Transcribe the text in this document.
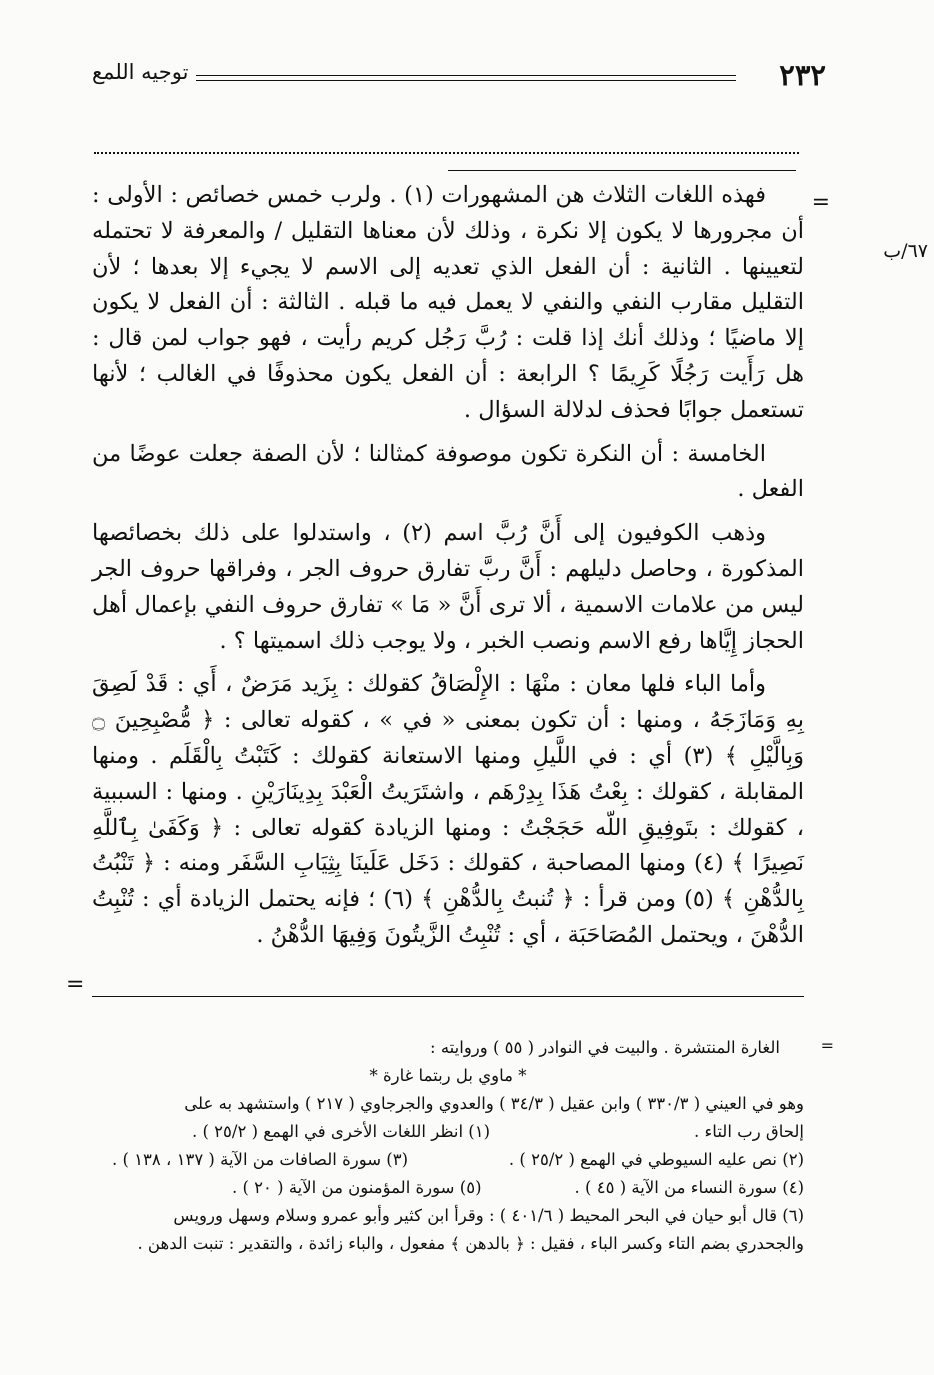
٢٣٢
توجيه اللمع
=
٦٧/ب
=

فهذه اللغات الثلاث هن المشهورات (١) . ولرب خمس خصائص : الأولى : أن مجرورها لا يكون إلا نكرة ، وذلك لأن معناها التقليل / والمعرفة لا تحتمله لتعيينها . الثانية : أن الفعل الذي تعديه إلى الاسم لا يجيء إلا بعدها ؛ لأن التقليل مقارب النفي والنفي لا يعمل فيه ما قبله . الثالثة : أن الفعل لا يكون إلا ماضيًا ؛ وذلك أنك إذا قلت : رُبَّ رَجُل كريم رأيت ، فهو جواب لمن قال : هل رَأَيت رَجُلًا كَرِيمًا ؟ الرابعة : أن الفعل يكون محذوفًا في الغالب ؛ لأنها تستعمل جوابًا فحذف لدلالة السؤال .

الخامسة : أن النكرة تكون موصوفة كمثالنا ؛ لأن الصفة جعلت عوضًا من الفعل .

وذهب الكوفيون إلى أَنَّ رُبَّ اسم (٢) ، واستدلوا على ذلك بخصائصها المذكورة ، وحاصل دليلهم : أَنَّ ربَّ تفارق حروف الجر ، وفراقها حروف الجر ليس من علامات الاسمية ، ألا ترى أَنَّ « مَا » تفارق حروف النفي بإعمال أهل الحجاز إِيَّاها رفع الاسم ونصب الخبر ، ولا يوجب ذلك اسميتها ؟ .

وأما الباء فلها معان : منْهَا : الإِلْصَاقُ كقولك : بِزَيد مَرَضٌ ، أَي : قَدْ لَصِقَ بِهِ وَمَازَجَهُ ، ومنها : أن تكون بمعنى « في » ، كقوله تعالى : ﴿ مُّصْبِحِينَ ۝ وَبِالَّيْلِ ﴾ (٣) أي : في اللَّيلِ ومنها الاستعانة كقولك : كَتَبْتُ بِالْقَلَم . ومنها المقابلة ، كقولك : بِعْتُ هَذَا بِدِرْهَم ، واشتَرَيتُ الْعَبْدَ بِدِينَارَيْنِ . ومنها : السببية ، كقولك : بتَوفِيقِ اللّه حَجَجْتُ : ومنها الزيادة كقوله تعالى : ﴿ وَكَفَىٰ بِٱللَّهِ نَصِيرًا ﴾ (٤) ومنها المصاحبة ، كقولك : دَخَل عَلَينَا بِثِيَابِ السَّفَر ومنه : ﴿ تَنْبُتُ بِالدُّهْنِ ﴾ (٥) ومن قرأ : ﴿ تُنبتُ بِالدُّهْنِ ﴾ (٦) ؛ فإنه يحتمل الزيادة أي : تُنْبِتُ الدُّهْنَ ، ويحتمل المُصَاحَبَة ، أي : تُنْبِتُ الزَّيتُونَ وَفِيهَا الدُّهْنُ .

=
الغارة المنتشرة . والبيت في النوادر ( ٥٥ ) وروايته :
* ماوي بل ربتما غارة *
وهو في العيني ( ٣٣٠/٣ ) وابن عقيل ( ٣٤/٣ ) والعدوي والجرجاوي ( ٢١٧ ) واستشهد به على
إلحاق رب التاء .
(١) انظر اللغات الأخرى في الهمع ( ٢٥/٢ ) .
(٢) نص عليه السيوطي في الهمع ( ٢٥/٢ ) .
(٣) سورة الصافات من الآية ( ١٣٧ ، ١٣٨ ) .
(٤) سورة النساء من الآية ( ٤٥ ) .
(٥) سورة المؤمنون من الآية ( ٢٠ ) .
(٦) قال أبو حيان في البحر المحيط ( ٤٠١/٦ ) : وقرأ ابن كثير وأبو عمرو وسلام وسهل ورويس
والجحدري بضم التاء وكسر الباء ، فقيل : ﴿ بالدهن ﴾ مفعول ، والباء زائدة ، والتقدير : تنبت الدهن .
